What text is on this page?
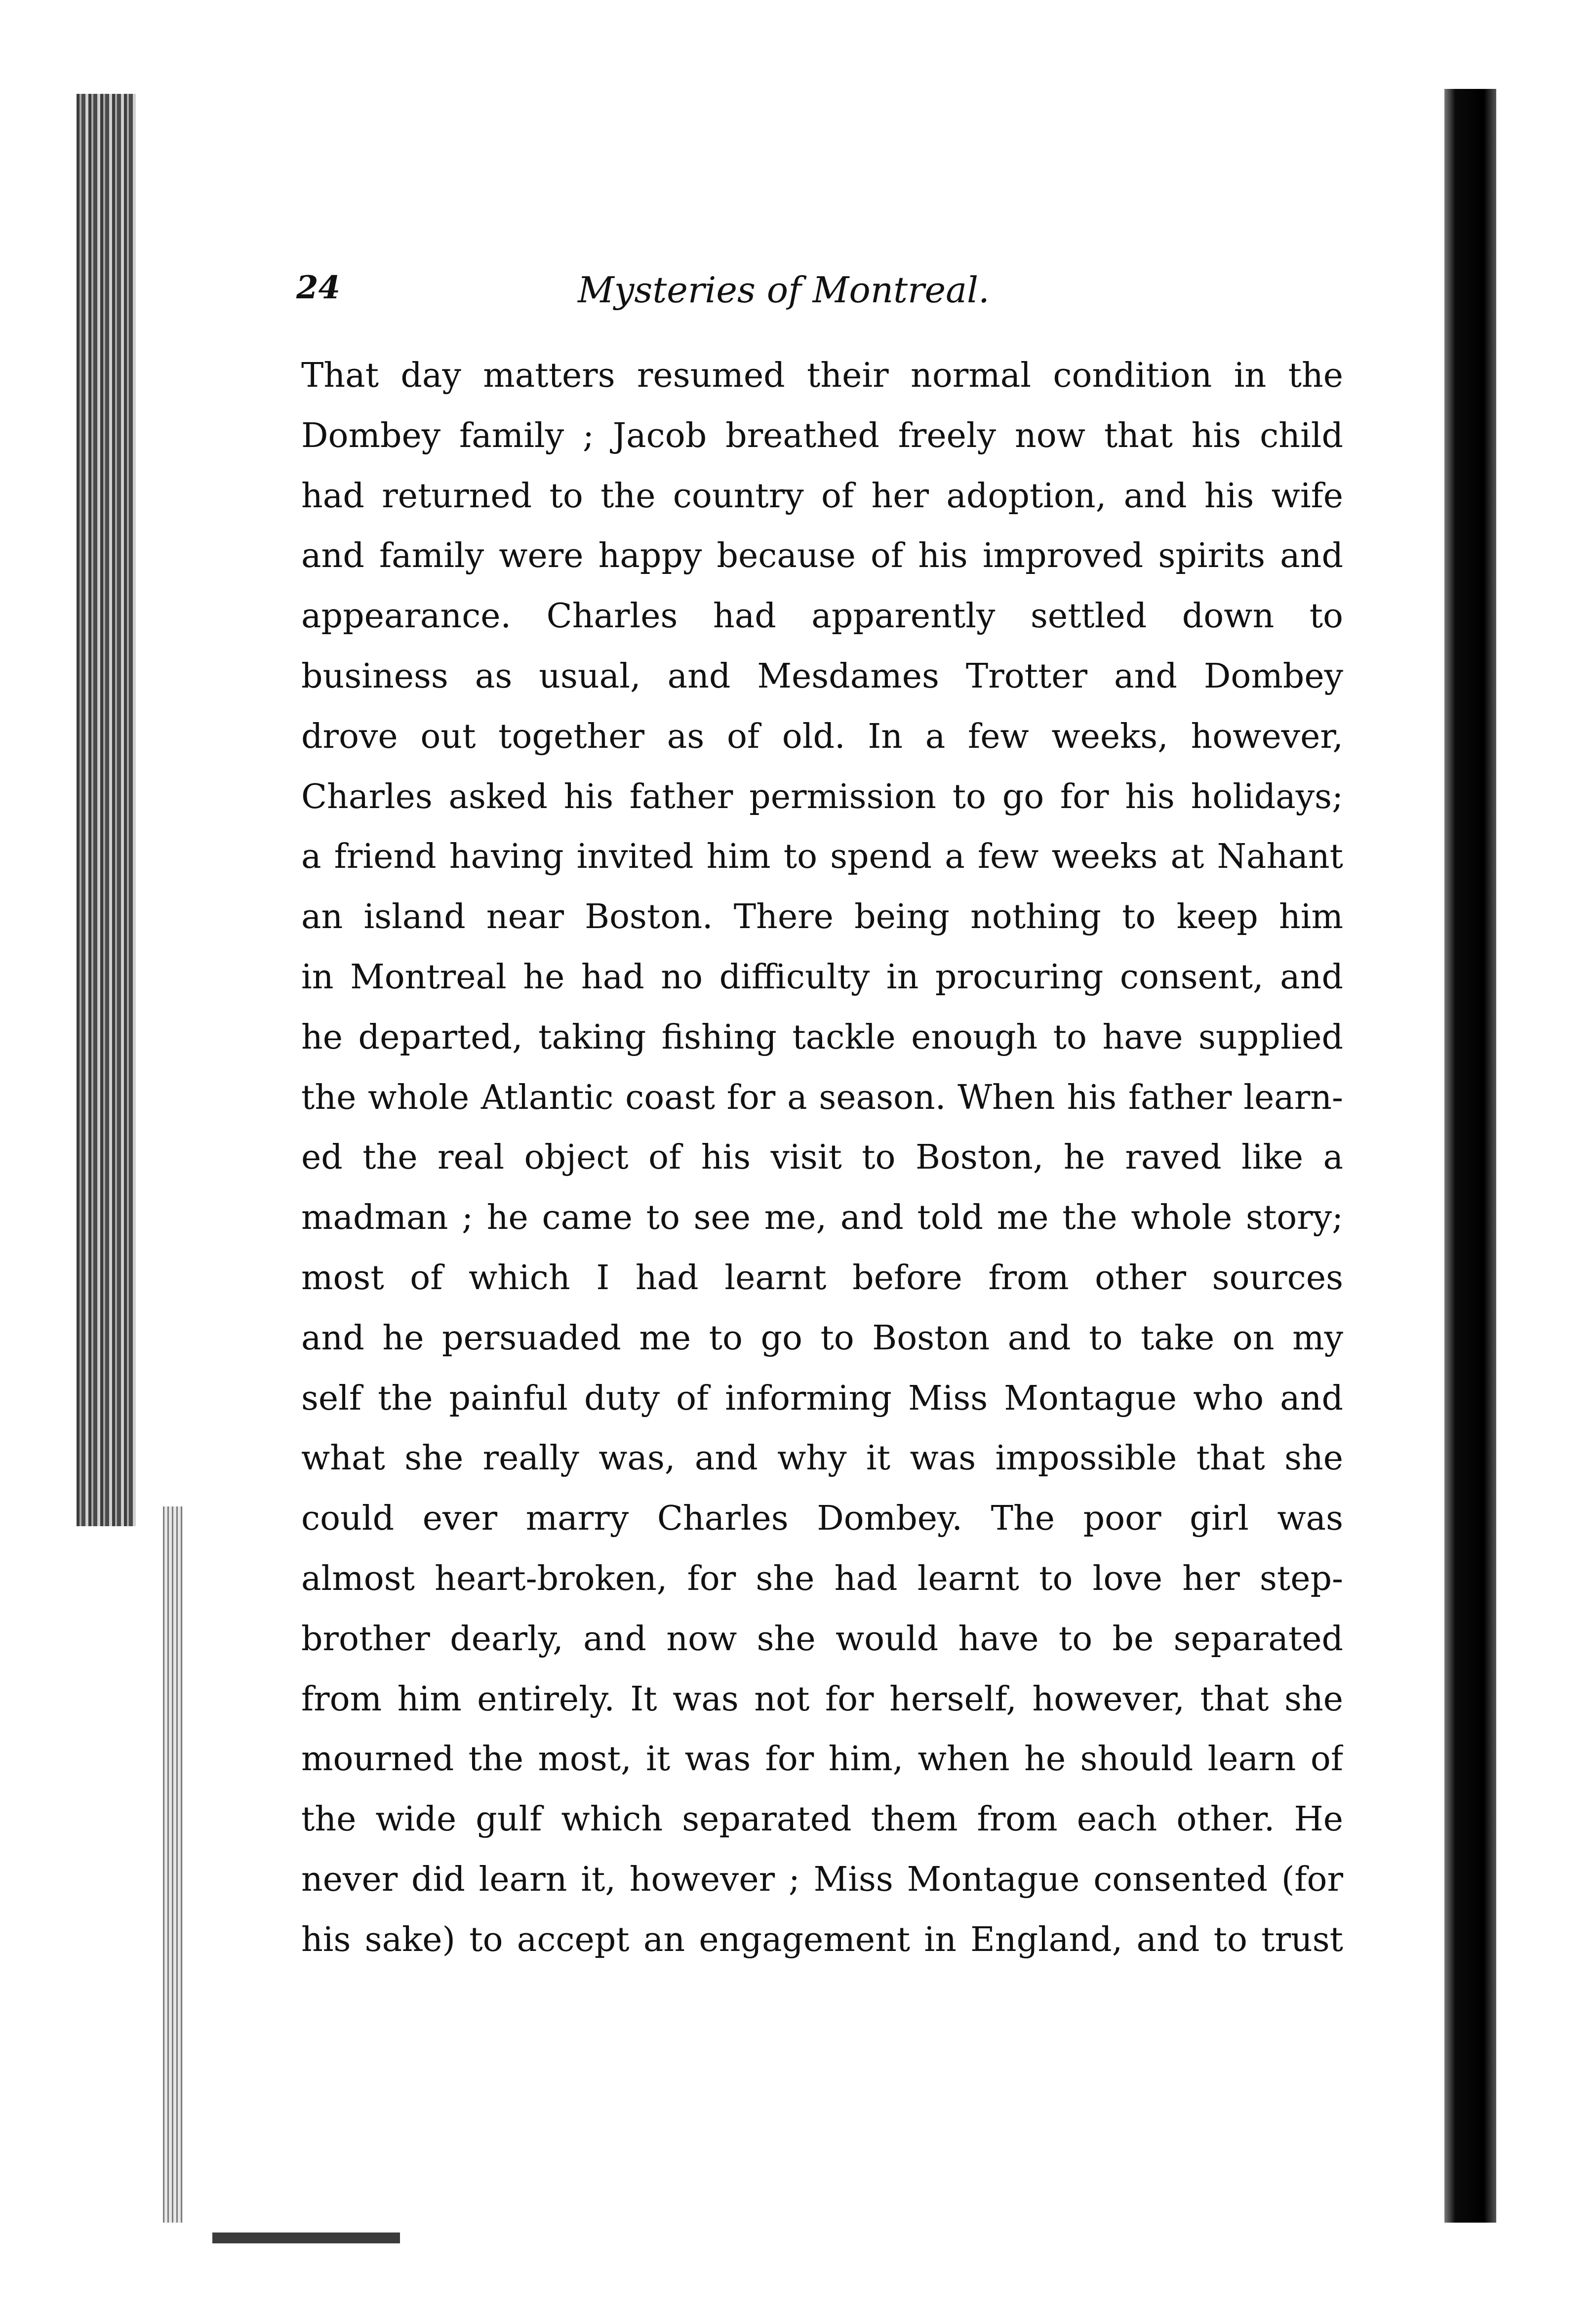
24	Mysteries of Montreal.
That day matters resumed their normal condition in the
Dombey family ; Jacob breathed freely now that his child
had returned to the country of her adoption, and his wife
and family were happy because of his improved spirits and
appearance. Charles had apparently settled down to
business as usual, and Mesdames Trotter and Dombey
drove out together as of old. In a few weeks, however,
Charles asked his father permission to go for his holidays;
a friend having invited him to spend a few weeks at Nahant
an island near Boston. There being nothing to keep him
in Montreal he had no difficulty in procuring consent, and
he departed, taking fishing tackle enough to have supplied
the whole Atlantic coast for a season. When his father learn-
ed the real object of his visit to Boston, he raved like a
madman ; he came to see me, and told me the whole story;
most of which I had learnt before from other sources
and he persuaded me to go to Boston and to take on my
self the painful duty of informing Miss Montague who and
what she really was, and why it was impossible that she
could ever marry Charles Dombey. The poor girl was
almost heart-broken, for she had learnt to love her step-
brother dearly, and now she would have to be separated
from him entirely. It was not for herself, however, that she
mourned the most, it was for him, when he should learn of
the wide gulf which separated them from each other. He
never did learn it, however ; Miss Montague consented (for
his sake) to accept an engagement in England, and to trust
